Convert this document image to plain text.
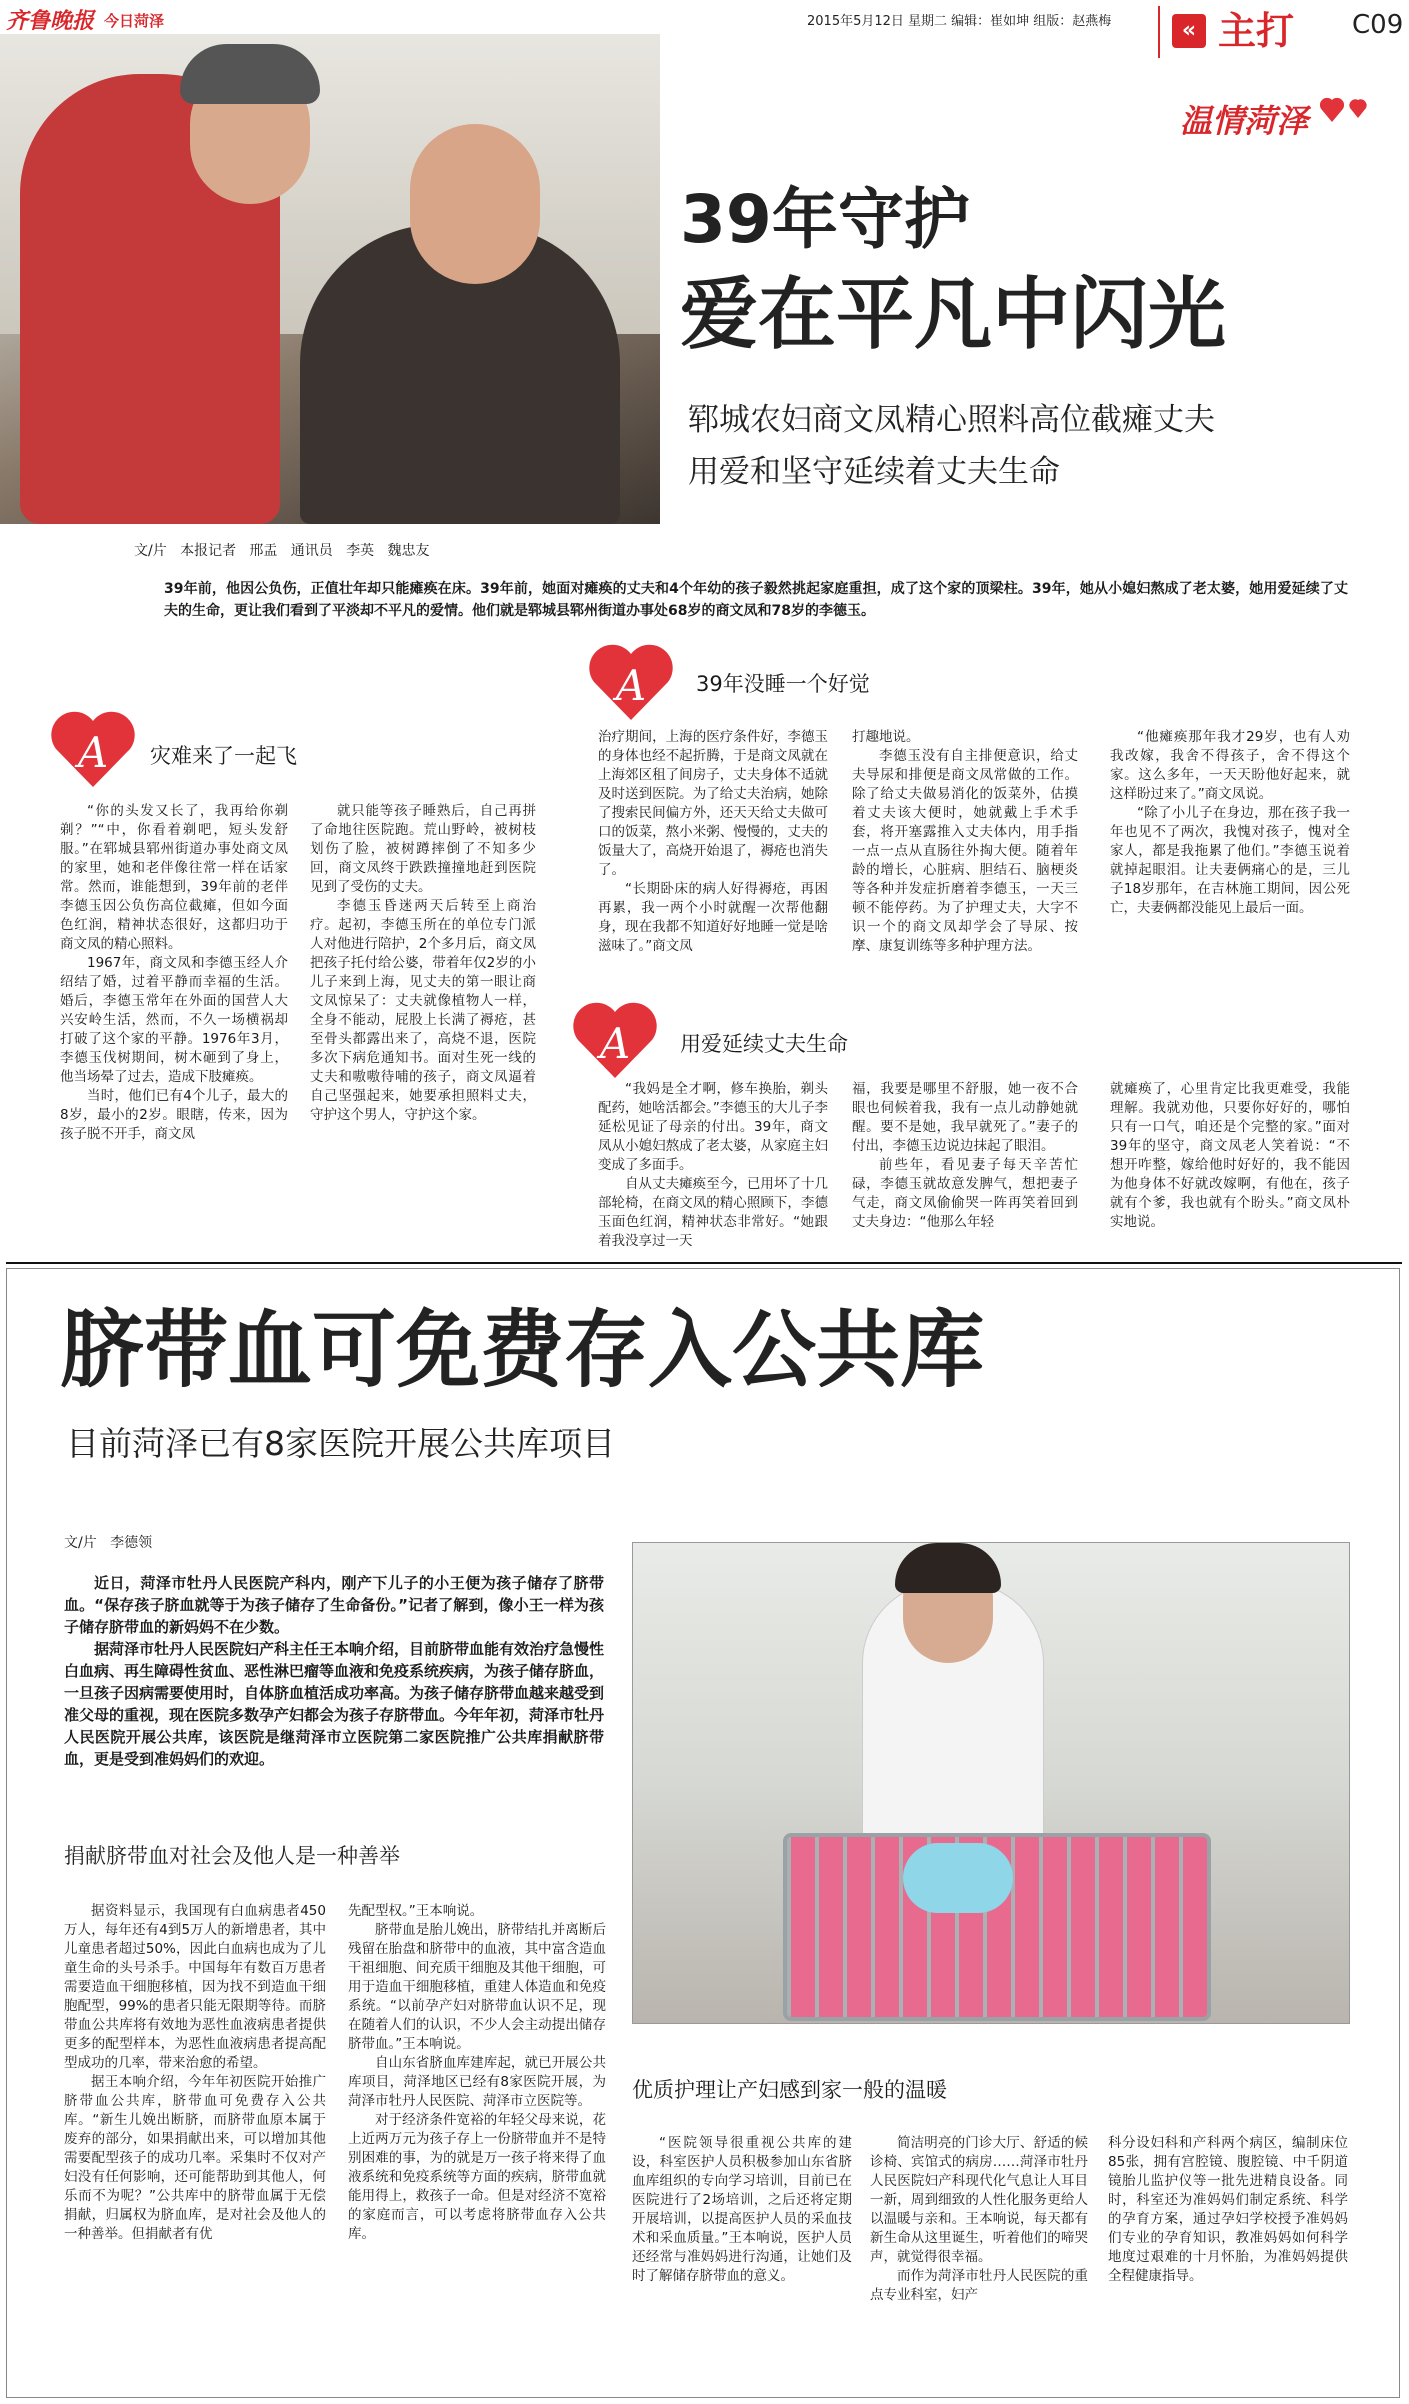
齐鲁晚报 今日菏泽	2015年5月12日 星期二 编辑：崔如坤 组版：赵燕梅	« 主打 C09
温情菏泽
39年守护
爱在平凡中闪光
郓城农妇商文凤精心照料高位截瘫丈夫
用爱和坚守延续着丈夫生命
文/片   本报记者   邢盂   通讯员   李英   魏忠友
39年前，他因公负伤，正值壮年却只能瘫痪在床。39年前，她面对瘫痪的丈夫和4个年幼的孩子毅然挑起家庭重担，成了这个家的顶梁柱。39年，她从小媳妇熬成了老太婆，她用爱延续了丈夫的生命，更让我们看到了平淡却不平凡的爱情。他们就是郓城县郓州街道办事处68岁的商文凤和78岁的李德玉。
A 灾难来了一起飞
A 39年没睡一个好觉
A 用爱延续丈夫生命

“你的头发又长了，我再给你剃剃？”“中，你看着剃吧，短头发舒服。”在郓城县郓州街道办事处商文凤的家里，她和老伴像往常一样在话家常。然而，谁能想到，39年前的老伴李德玉因公负伤高位截瘫，但如今面色红润，精神状态很好，这都归功于商文凤的精心照料。

1967年，商文凤和李德玉经人介绍结了婚，过着平静而幸福的生活。婚后，李德玉常年在外面的国营人大兴安岭生活，然而，不久一场横祸却打破了这个家的平静。1976年3月，李德玉伐树期间，树木砸到了身上，他当场晕了过去，造成下肢瘫痪。

当时，他们已有4个儿子，最大的8岁，最小的2岁。眼瞎，传来，因为孩子脱不开手，商文凤

就只能等孩子睡熟后，自己再拼了命地往医院跑。荒山野岭，被树枝划伤了脸，被树蹲摔倒了不知多少回，商文凤终于跌跌撞撞地赶到医院见到了受伤的丈夫。

李德玉昏迷两天后转至上商治疗。起初，李德玉所在的单位专门派人对他进行陪护，2个多月后，商文凤把孩子托付给公婆，带着年仅2岁的小儿子来到上海，见丈夫的第一眼让商文凤惊呆了：丈夫就像植物人一样，全身不能动，屁股上长满了褥疮，甚至骨头都露出来了，高烧不退，医院多次下病危通知书。面对生死一线的丈夫和嗷嗷待哺的孩子，商文凤逼着自己坚强起来，她要承担照料丈夫，守护这个男人，守护这个家。

治疗期间，上海的医疗条件好，李德玉的身体也经不起折腾，于是商文凤就在上海郊区租了间房子，丈夫身体不适就及时送到医院。为了给丈夫治病，她除了搜索民间偏方外，还天天给丈夫做可口的饭菜，熬小米粥、慢慢的，丈夫的饭量大了，高烧开始退了，褥疮也消失了。

“长期卧床的病人好得褥疮，再困再累，我一两个小时就醒一次帮他翻身，现在我都不知道好好地睡一觉是啥滋味了。”商文凤

打趣地说。

李德玉没有自主排便意识，给丈夫导尿和排便是商文凤常做的工作。除了给丈夫做易消化的饭菜外，估摸着丈夫该大便时，她就戴上手术手套，将开塞露推入丈夫体内，用手指一点一点从直肠往外掏大便。随着年龄的增长，心脏病、胆结石、脑梗炎等各种并发症折磨着李德玉，一天三顿不能停药。为了护理丈夫，大字不识一个的商文凤却学会了导尿、按摩、康复训练等多种护理方法。

“他瘫痪那年我才29岁，也有人劝我改嫁，我舍不得孩子，舍不得这个家。这么多年，一天天盼他好起来，就这样盼过来了。”商文凤说。

“除了小儿子在身边，那在孩子我一年也见不了两次，我愧对孩子，愧对全家人，都是我拖累了他们。”李德玉说着就掉起眼泪。让夫妻俩痛心的是，三儿子18岁那年，在吉林施工期间，因公死亡，夫妻俩都没能见上最后一面。

“我妈是全才啊，修车换胎，剃头配药，她啥活都会。”李德玉的大儿子李延松见证了母亲的付出。39年，商文凤从小媳妇熬成了老太婆，从家庭主妇变成了多面手。

自从丈夫瘫痪至今，已用坏了十几部轮椅，在商文凤的精心照顾下，李德玉面色红润，精神状态非常好。“她跟着我没享过一天

福，我要是哪里不舒服，她一夜不合眼也伺候着我，我有一点儿动静她就醒。要不是她，我早就死了。”妻子的付出，李德玉边说边抹起了眼泪。

前些年，看见妻子每天辛苦忙碌，李德玉就故意发脾气，想把妻子气走，商文凤偷偷哭一阵再笑着回到丈夫身边：“他那么年轻

就瘫痪了，心里肯定比我更难受，我能理解。我就劝他，只要你好好的，哪怕只有一口气，咱还是个完整的家。”面对39年的坚守，商文凤老人笑着说：“不想开咋整，嫁给他时好好的，我不能因为他身体不好就改嫁啊，有他在，孩子就有个爹，我也就有个盼头。”商文凤朴实地说。

脐带血可免费存入公共库
目前菏泽已有8家医院开展公共库项目
文/片   李德领

近日，菏泽市牡丹人民医院产科内，刚产下儿子的小王便为孩子储存了脐带血。“保存孩子脐血就等于为孩子储存了生命备份。”记者了解到，像小王一样为孩子储存脐带血的新妈妈不在少数。

据菏泽市牡丹人民医院妇产科主任王本响介绍，目前脐带血能有效治疗急慢性白血病、再生障碍性贫血、恶性淋巴瘤等血液和免疫系统疾病，为孩子储存脐血，一旦孩子因病需要使用时，自体脐血植活成功率高。为孩子储存脐带血越来越受到准父母的重视，现在医院多数孕产妇都会为孩子存脐带血。今年年初，菏泽市牡丹人民医院开展公共库，该医院是继菏泽市立医院第二家医院推广公共库捐献脐带血，更是受到准妈妈们的欢迎。

捐献脐带血对社会及他人是一种善举

据资料显示，我国现有白血病患者450万人，每年还有4到5万人的新增患者，其中儿童患者超过50%，因此白血病也成为了儿童生命的头号杀手。中国每年有数百万患者需要造血干细胞移植，因为找不到造血干细胞配型，99%的患者只能无限期等待。而脐带血公共库将有效地为恶性血液病患者提供更多的配型样本，为恶性血液病患者提高配型成功的几率，带来治愈的希望。

据王本响介绍，今年年初医院开始推广脐带血公共库，脐带血可免费存入公共库。“新生儿娩出断脐，而脐带血原本属于废弃的部分，如果捐献出来，可以增加其他需要配型孩子的成功几率。采集时不仅对产妇没有任何影响，还可能帮助到其他人，何乐而不为呢？”公共库中的脐带血属于无偿捐献，归属权为脐血库，是对社会及他人的一种善举。但捐献者有优

先配型权。”王本响说。

脐带血是胎儿娩出，脐带结扎并离断后残留在胎盘和脐带中的血液，其中富含造血干祖细胞、间充质干细胞及其他干细胞，可用于造血干细胞移植，重建人体造血和免疫系统。“以前孕产妇对脐带血认识不足，现在随着人们的认识，不少人会主动提出储存脐带血。”王本响说。

自山东省脐血库建库起，就已开展公共库项目，菏泽地区已经有8家医院开展，为菏泽市牡丹人民医院、菏泽市立医院等。

对于经济条件宽裕的年轻父母来说，花上近两万元为孩子存上一份脐带血并不是特别困难的事，为的就是万一孩子将来得了血液系统和免疫系统等方面的疾病，脐带血就能用得上，救孩子一命。但是对经济不宽裕的家庭而言，可以考虑将脐带血存入公共库。

优质护理让产妇感到家一般的温暖

“医院领导很重视公共库的建设，科室医护人员积极参加山东省脐血库组织的专向学习培训，目前已在医院进行了2场培训，之后还将定期开展培训，以提高医护人员的采血技术和采血质量。”王本响说，医护人员还经常与准妈妈进行沟通，让她们及时了解储存脐带血的意义。

简洁明亮的门诊大厅、舒适的候诊椅、宾馆式的病房……菏泽市牡丹人民医院妇产科现代化气息让人耳目一新，周到细致的人性化服务更给人以温暖与亲和。王本响说，每天都有新生命从这里诞生，听着他们的啼哭声，就觉得很幸福。

而作为菏泽市牡丹人民医院的重点专业科室，妇产

科分设妇科和产科两个病区，编制床位85张，拥有宫腔镜、腹腔镜、中千阴道镜胎儿监护仪等一批先进精良设备。同时，科室还为准妈妈们制定系统、科学的孕育方案，通过孕妇学校授予准妈妈们专业的孕育知识，教准妈妈如何科学地度过艰难的十月怀胎，为准妈妈提供全程健康指导。
